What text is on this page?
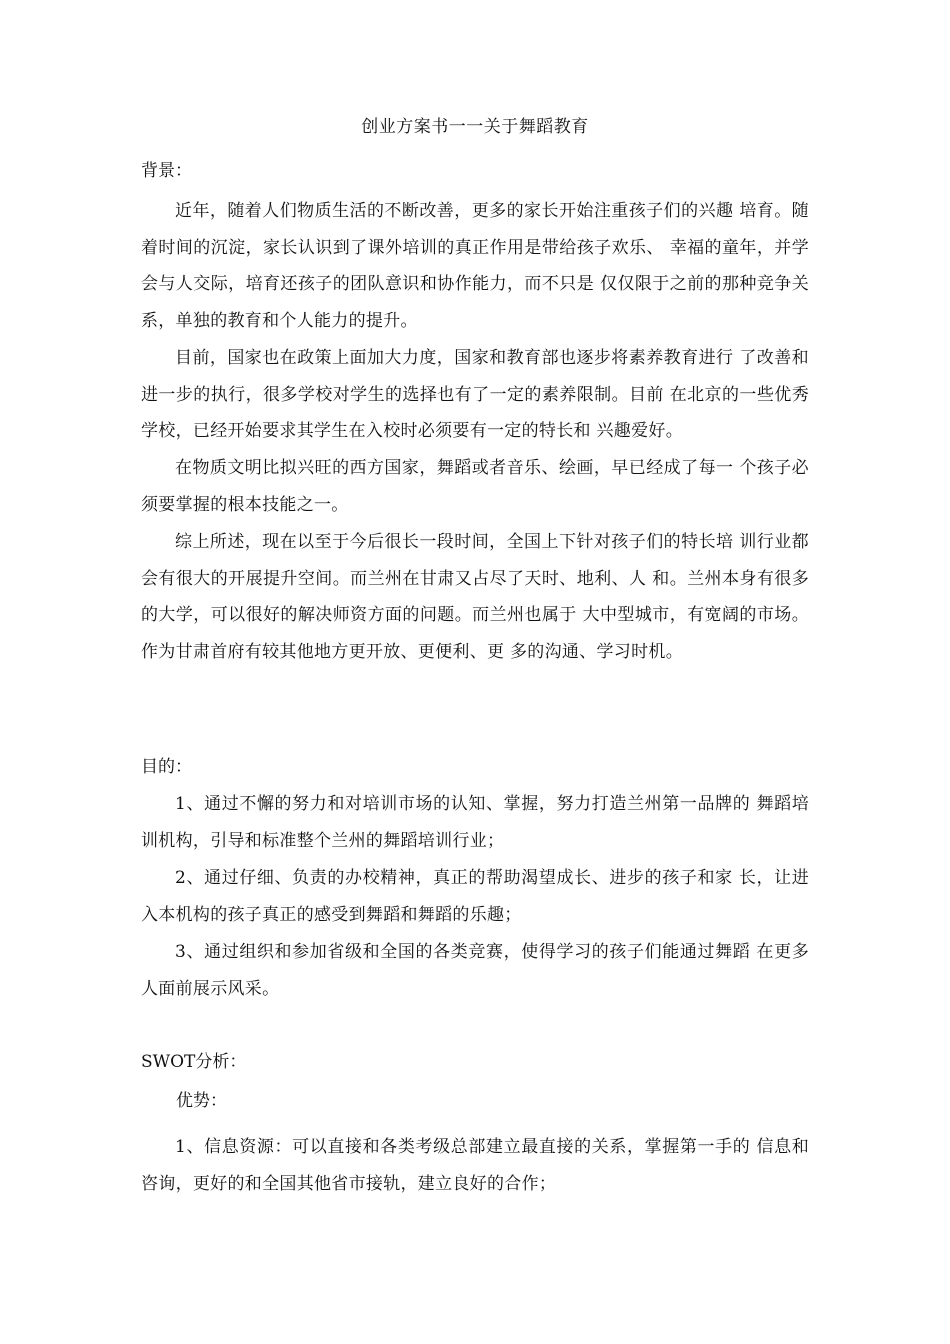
创业方案书一一关于舞蹈教育
背景：
近年，随着人们物质生活的不断改善，更多的家长开始注重孩子们的兴趣 培育。随着时间的沉淀，家长认识到了课外培训的真正作用是带给孩子欢乐、 幸福的童年，并学会与人交际，培育还孩子的团队意识和协作能力，而不只是 仅仅限于之前的那种竞争关系，单独的教育和个人能力的提升。
目前，国家也在政策上面加大力度，国家和教育部也逐步将素养教育进行 了改善和进一步的执行，很多学校对学生的选择也有了一定的素养限制。目前 在北京的一些优秀学校，已经开始要求其学生在入校时必须要有一定的特长和 兴趣爱好。
在物质文明比拟兴旺的西方国家，舞蹈或者音乐、绘画，早已经成了每一 个孩子必须要掌握的根本技能之一。
综上所述，现在以至于今后很长一段时间，全国上下针对孩子们的特长培 训行业都会有很大的开展提升空间。而兰州在甘肃又占尽了天时、地利、人 和。兰州本身有很多的大学，可以很好的解决师资方面的问题。而兰州也属于 大中型城市，有宽阔的市场。作为甘肃首府有较其他地方更开放、更便利、更 多的沟通、学习时机。
目的：
1、通过不懈的努力和对培训市场的认知、掌握，努力打造兰州第一品牌的 舞蹈培训机构，引导和标准整个兰州的舞蹈培训行业；
2、通过仔细、负责的办校精神，真正的帮助渴望成长、进步的孩子和家 长，让进入本机构的孩子真正的感受到舞蹈和舞蹈的乐趣；
3、通过组织和参加省级和全国的各类竞赛，使得学习的孩子们能通过舞蹈 在更多人面前展示风采。
SWOT分析：
优势：
1、信息资源：可以直接和各类考级总部建立最直接的关系，掌握第一手的 信息和咨询，更好的和全国其他省市接轨，建立良好的合作；
